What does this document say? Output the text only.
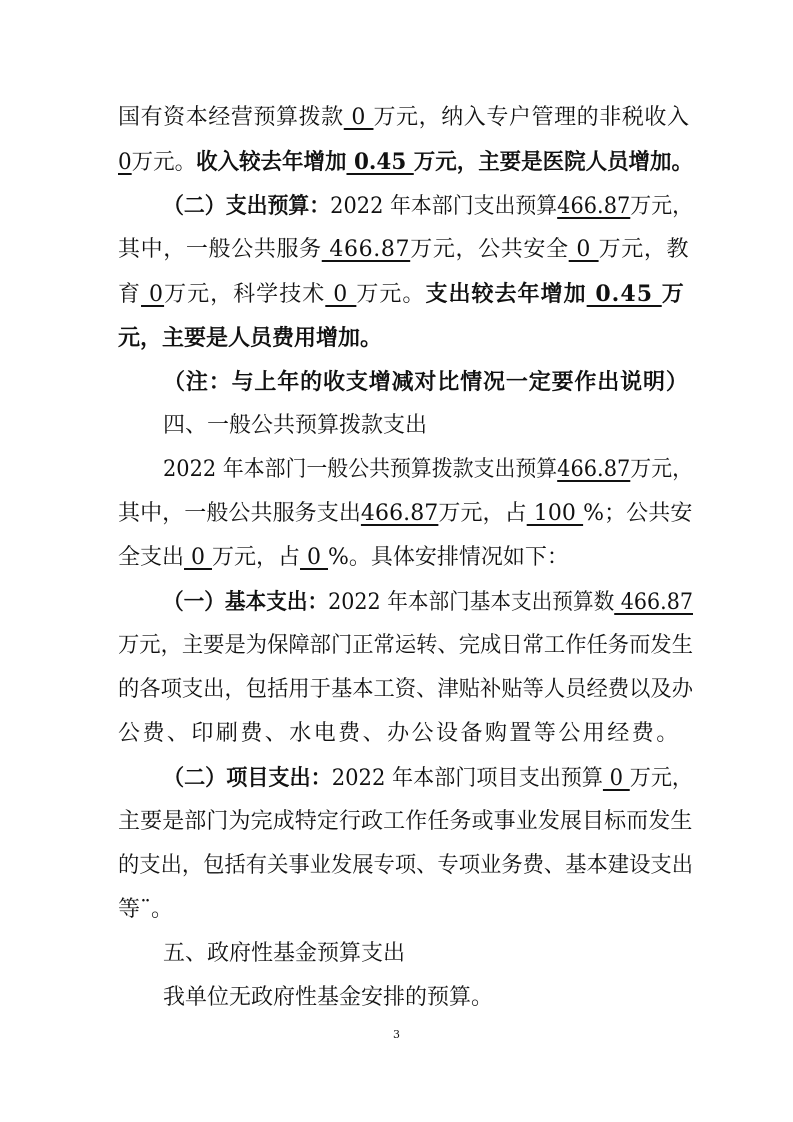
国有资本经营预算拨款 0 万元，纳入专户管理的非税收入
0万元。收入较去年增加 0.45 万元，主要是医院人员增加。
（二）支出预算：2022 年本部门支出预算466.87万元，
其中，一般公共服务 466.87万元，公共安全 0 万元，教
育 0万元，科学技术 0 万元。支出较去年增加 0.45 万
元，主要是人员费用增加。
（注：与上年的收支增减对比情况一定要作出说明）
四、一般公共预算拨款支出
2022 年本部门一般公共预算拨款支出预算466.87万元，
其中，一般公共服务支出466.87万元，占 100 %；公共安
全支出 0 万元，占 0 %。具体安排情况如下：
（一）基本支出：2022 年本部门基本支出预算数 466.87
万元，主要是为保障部门正常运转、完成日常工作任务而发生
的各项支出，包括用于基本工资、津贴补贴等人员经费以及办
公费、印刷费、水电费、办公设备购置等公用经费。
（二）项目支出：2022 年本部门项目支出预算 0 万元，
主要是部门为完成特定行政工作任务或事业发展目标而发生
的支出，包括有关事业发展专项、专项业务费、基本建设支出
等¨。
五、政府性基金预算支出
我单位无政府性基金安排的预算。
3
